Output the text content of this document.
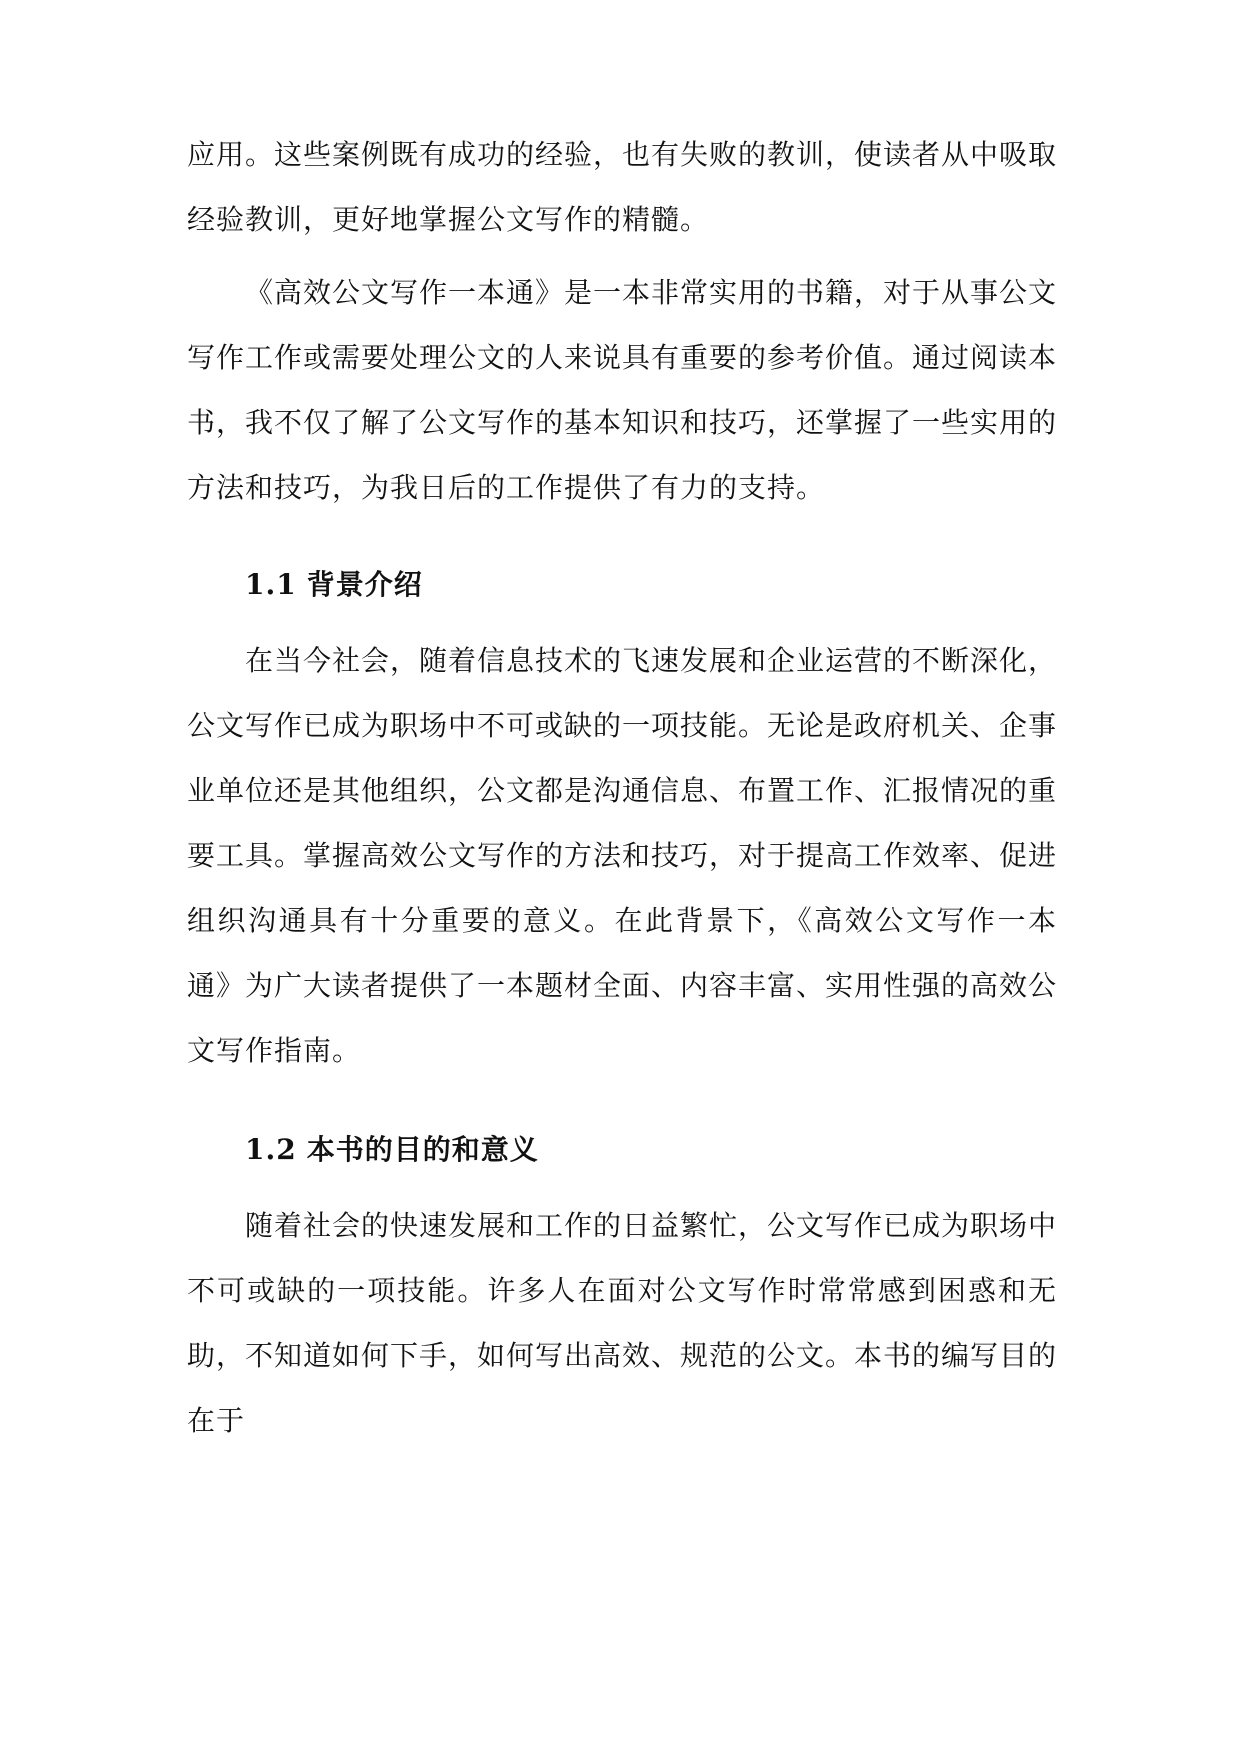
应用。这些案例既有成功的经验，也有失败的教训，使读者从中吸取经验教训，更好地掌握公文写作的精髓。

《高效公文写作一本通》是一本非常实用的书籍，对于从事公文写作工作或需要处理公文的人来说具有重要的参考价值。通过阅读本书，我不仅了解了公文写作的基本知识和技巧，还掌握了一些实用的方法和技巧，为我日后的工作提供了有力的支持。

1.1 背景介绍

在当今社会，随着信息技术的飞速发展和企业运营的不断深化，公文写作已成为职场中不可或缺的一项技能。无论是政府机关、企事业单位还是其他组织，公文都是沟通信息、布置工作、汇报情况的重要工具。掌握高效公文写作的方法和技巧，对于提高工作效率、促进组织沟通具有十分重要的意义。在此背景下，《高效公文写作一本通》为广大读者提供了一本题材全面、内容丰富、实用性强的高效公文写作指南。

1.2 本书的目的和意义

随着社会的快速发展和工作的日益繁忙，公文写作已成为职场中不可或缺的一项技能。许多人在面对公文写作时常常感到困惑和无助，不知道如何下手，如何写出高效、规范的公文。本书的编写目的在于
